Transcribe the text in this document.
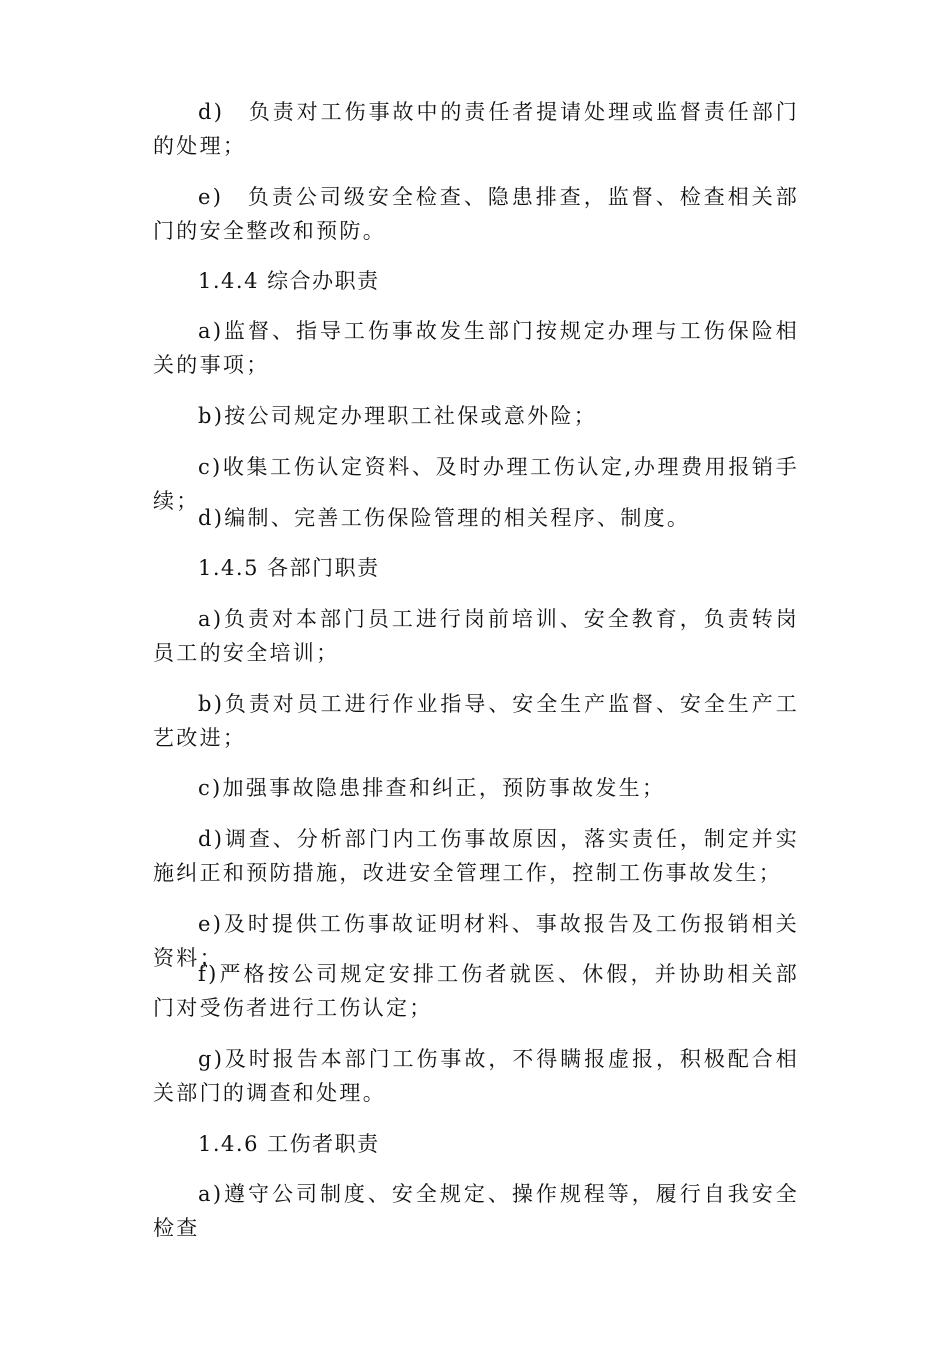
d)　负责对工伤事故中的责任者提请处理或监督责任部门的处理；

e)　负责公司级安全检查、隐患排查，监督、检查相关部门的安全整改和预防。

1.4.4 综合办职责

a)监督、指导工伤事故发生部门按规定办理与工伤保险相关的事项；

b)按公司规定办理职工社保或意外险；

c)收集工伤认定资料、及时办理工伤认定,办理费用报销手续；

d)编制、完善工伤保险管理的相关程序、制度。

1.4.5 各部门职责

a)负责对本部门员工进行岗前培训、安全教育，负责转岗员工的安全培训；

b)负责对员工进行作业指导、安全生产监督、安全生产工艺改进；

c)加强事故隐患排查和纠正，预防事故发生；

d)调查、分析部门内工伤事故原因，落实责任，制定并实施纠正和预防措施，改进安全管理工作，控制工伤事故发生；

e)及时提供工伤事故证明材料、事故报告及工伤报销相关资料；

f)严格按公司规定安排工伤者就医、休假，并协助相关部门对受伤者进行工伤认定；

g)及时报告本部门工伤事故，不得瞒报虚报，积极配合相关部门的调查和处理。

1.4.6 工伤者职责

a)遵守公司制度、安全规定、操作规程等，履行自我安全检查
